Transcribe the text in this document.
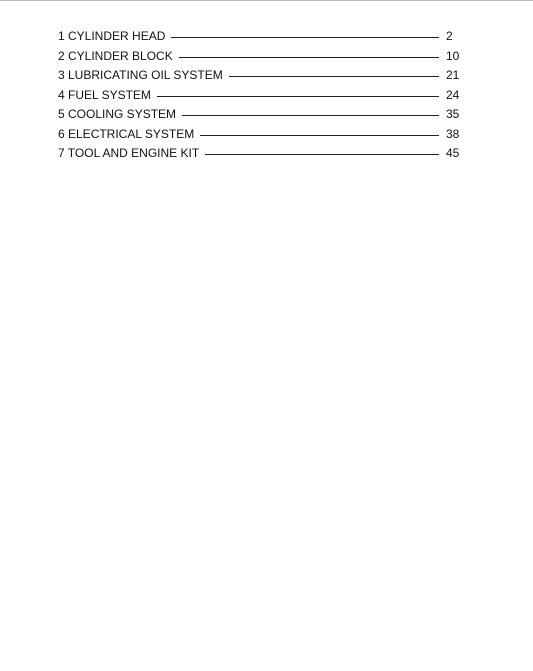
1 CYLINDER HEAD	2
2 CYLINDER BLOCK	10
3 LUBRICATING OIL SYSTEM	21
4 FUEL SYSTEM	24
5 COOLING SYSTEM	35
6 ELECTRICAL SYSTEM	38
7 TOOL AND ENGINE KIT	45
